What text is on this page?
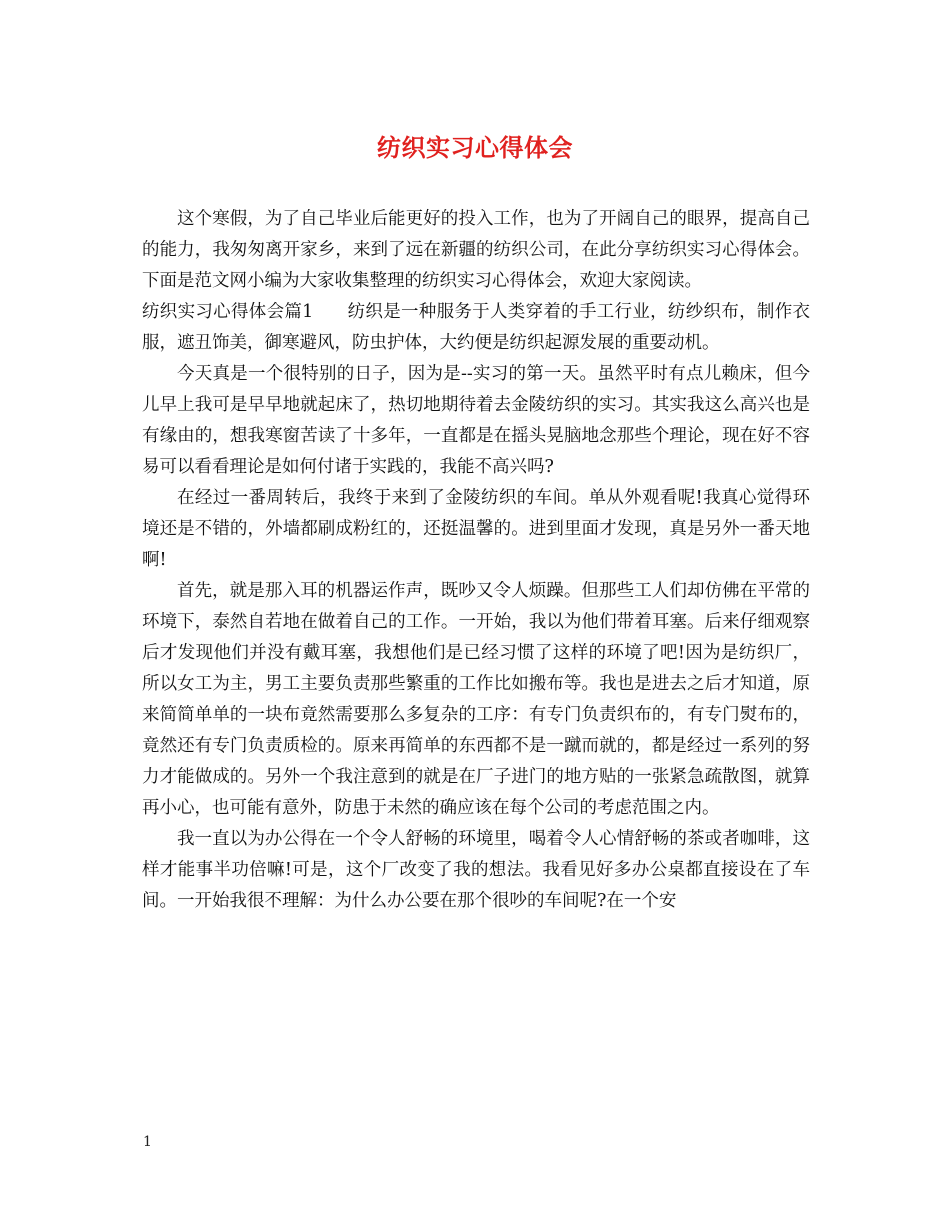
纺织实习心得体会

这个寒假，为了自己毕业后能更好的投入工作，也为了开阔自己的眼界，提高自己的能力，我匆匆离开家乡，来到了远在新疆的纺织公司，在此分享纺织实习心得体会。下面是范文网小编为大家收集整理的纺织实习心得体会，欢迎大家阅读。

纺织实习心得体会篇1 纺织是一种服务于人类穿着的手工行业，纺纱织布，制作衣服，遮丑饰美，御寒避风，防虫护体，大约便是纺织起源发展的重要动机。

今天真是一个很特别的日子，因为是--实习的第一天。虽然平时有点儿赖床，但今儿早上我可是早早地就起床了，热切地期待着去金陵纺织的实习。其实我这么高兴也是有缘由的，想我寒窗苦读了十多年，一直都是在摇头晃脑地念那些个理论，现在好不容易可以看看理论是如何付诸于实践的，我能不高兴吗?

在经过一番周转后，我终于来到了金陵纺织的车间。单从外观看呢!我真心觉得环境还是不错的，外墙都刷成粉红的，还挺温馨的。进到里面才发现，真是另外一番天地啊!

首先，就是那入耳的机器运作声，既吵又令人烦躁。但那些工人们却仿佛在平常的环境下，泰然自若地在做着自己的工作。一开始，我以为他们带着耳塞。后来仔细观察后才发现他们并没有戴耳塞，我想他们是已经习惯了这样的环境了吧!因为是纺织厂，所以女工为主，男工主要负责那些繁重的工作比如搬布等。我也是进去之后才知道，原来简简单单的一块布竟然需要那么多复杂的工序：有专门负责织布的，有专门熨布的，竟然还有专门负责质检的。原来再简单的东西都不是一蹴而就的，都是经过一系列的努力才能做成的。另外一个我注意到的就是在厂子进门的地方贴的一张紧急疏散图，就算再小心，也可能有意外，防患于未然的确应该在每个公司的考虑范围之内。

我一直以为办公得在一个令人舒畅的环境里，喝着令人心情舒畅的茶或者咖啡，这样才能事半功倍嘛!可是，这个厂改变了我的想法。我看见好多办公桌都直接设在了车间。一开始我很不理解：为什么办公要在那个很吵的车间呢?在一个安

1
